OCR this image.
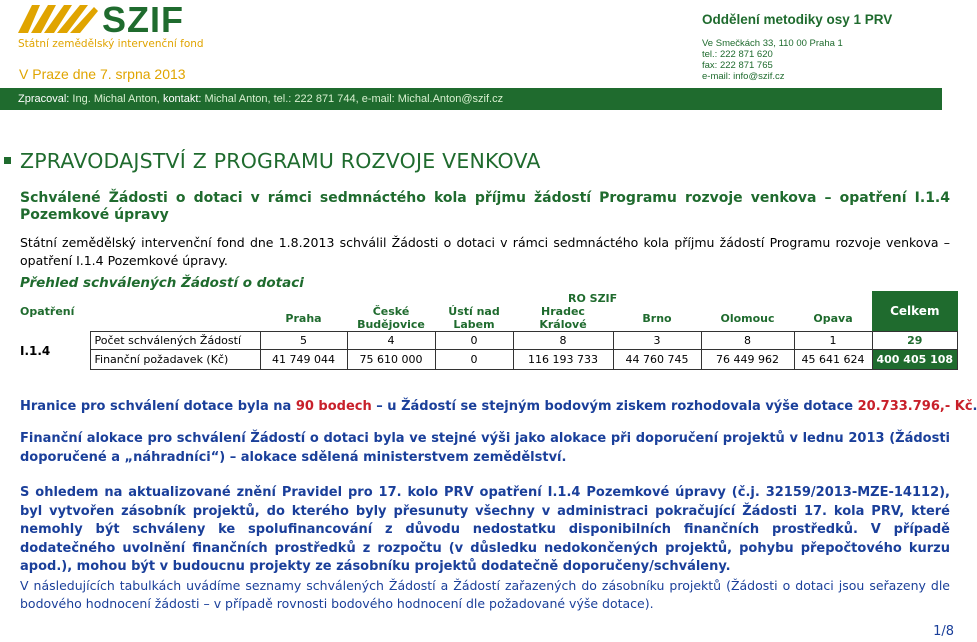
SZIF
Státní zemědělský intervenční fond
V Praze dne 7. srpna 2013
Oddělení metodiky osy 1 PRV
Ve Smečkách 33, 110 00 Praha 1
tel.: 222 871 620
fax: 222 871 765
e-mail: info@szif.cz
Zpracoval: Ing. Michal Anton, kontakt: Michal Anton, tel.: 222 871 744, e-mail: Michal.Anton@szif.cz
ZPRAVODAJSTVÍ Z PROGRAMU ROZVOJE VENKOVA
Schválené Žádosti o dotaci v rámci sedmnáctého kola příjmu žádostí Programu rozvoje venkova – opatření I.1.4
Pozemkové úpravy
Státní zemědělský intervenční fond dne 1.8.2013 schválil Žádosti o dotaci v rámci sedmnáctého kola příjmu žádostí Programu rozvoje venkova –
opatření I.1.4 Pozemkové úpravy.
Přehled schválených Žádostí o dotaci
Opatření		RO SZIF							Celkem
		Praha	České Budějovice	Ústí nad Labem	Hradec Králové	Brno	Olomouc	Opava	
I.1.4	Počet schválených Žádostí	5	4	0	8	3	8	1	29
	Finanční požadavek (Kč)	41 749 044	75 610 000	0	116 193 733	44 760 745	76 449 962	45 641 624	400 405 108
Hranice pro schválení dotace byla na 90 bodech – u Žádostí se stejným bodovým ziskem rozhodovala výše dotace 20.733.796,- Kč.
Finanční alokace pro schválení Žádostí o dotaci byla ve stejné výši jako alokace při doporučení projektů v lednu 2013 (Žádosti doporučené a „náhradníci“) – alokace sdělená ministerstvem zemědělství.
S ohledem na aktualizované znění Pravidel pro 17. kolo PRV opatření I.1.4 Pozemkové úpravy (č.j. 32159/2013-MZE-14112), byl vytvořen zásobník projektů, do kterého byly přesunuty všechny v administraci pokračující Žádosti 17. kola PRV, které nemohly být schváleny ke spolufinancování z důvodu nedostatku disponibilních finančních prostředků. V případě dodatečného uvolnění finančních prostředků z rozpočtu (v důsledku nedokončených projektů, pohybu přepočtového kurzu apod.), mohou být v budoucnu projekty ze zásobníku projektů dodatečně doporučeny/schváleny.
V následujících tabulkách uvádíme seznamy schválených Žádostí a Žádostí zařazených do zásobníku projektů (Žádosti o dotaci jsou seřazeny dle bodového hodnocení žádosti – v případě rovnosti bodového hodnocení dle požadované výše dotace).
1/8
